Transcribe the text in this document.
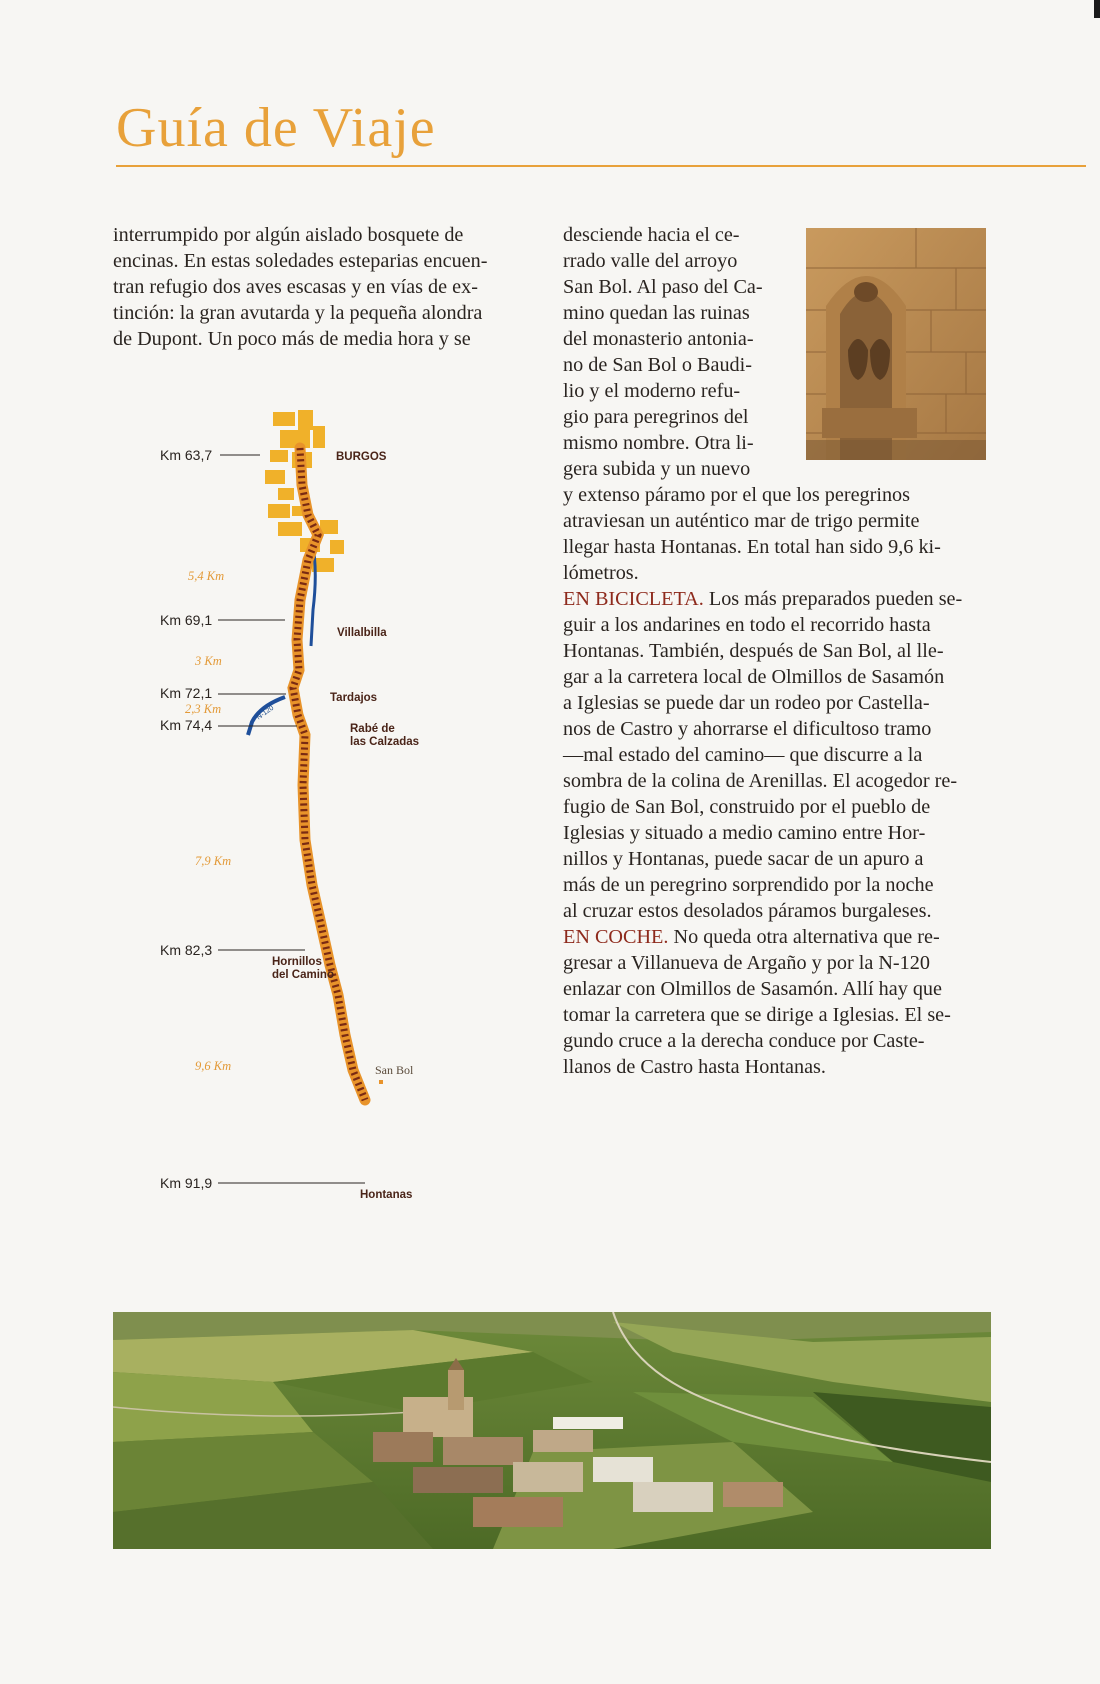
Guía de Viaje

interrumpido por algún aislado bosquete de
encinas. En estas soledades esteparias encuen-
tran refugio dos aves escasas y en vías de ex-
tinción: la gran avutarda y la pequeña alondra
de Dupont. Un poco más de media hora y se

desciende hacia el ce-
rrado valle del arroyo
San Bol. Al paso del Ca-
mino quedan las ruinas
del monasterio antonia-
no de San Bol o Baudi-
lio y el moderno refu-
gio para peregrinos del
mismo nombre. Otra li-
gera subida y un nuevo

y extenso páramo por el que los peregrinos
atraviesan un auténtico mar de trigo permite
llegar hasta Hontanas. En total han sido 9,6 ki-
lómetros.
EN BICICLETA. Los más preparados pueden se-
guir a los andarines en todo el recorrido hasta
Hontanas. También, después de San Bol, al lle-
gar a la carretera local de Olmillos de Sasamón
a Iglesias se puede dar un rodeo por Castella-
nos de Castro y ahorrarse el dificultoso tramo
—mal estado del camino— que discurre a la
sombra de la colina de Arenillas. El acogedor re-
fugio de San Bol, construido por el pueblo de
Iglesias y situado a medio camino entre Hor-
nillos y Hontanas, puede sacar de un apuro a
más de un peregrino sorprendido por la noche
al cruzar estos desolados páramos burgaleses.
EN COCHE. No queda otra alternativa que re-
gresar a Villanueva de Argaño y por la N-120
enlazar con Olmillos de Sasamón. Allí hay que
tomar la carretera que se dirige a Iglesias. El se-
gundo cruce a la derecha conduce por Caste-
llanos de Castro hasta Hontanas.

N-120
Km 63,7
Km 69,1
Km 72,1
Km 74,4
Km 82,3
Km 91,9
5,4 Km
3 Km
2,3 Km
7,9 Km
9,6 Km
BURGOS
Villalbilla
Tardajos
Rabé de
las Calzadas
Hornillos
del Camino
San Bol
Hontanas
